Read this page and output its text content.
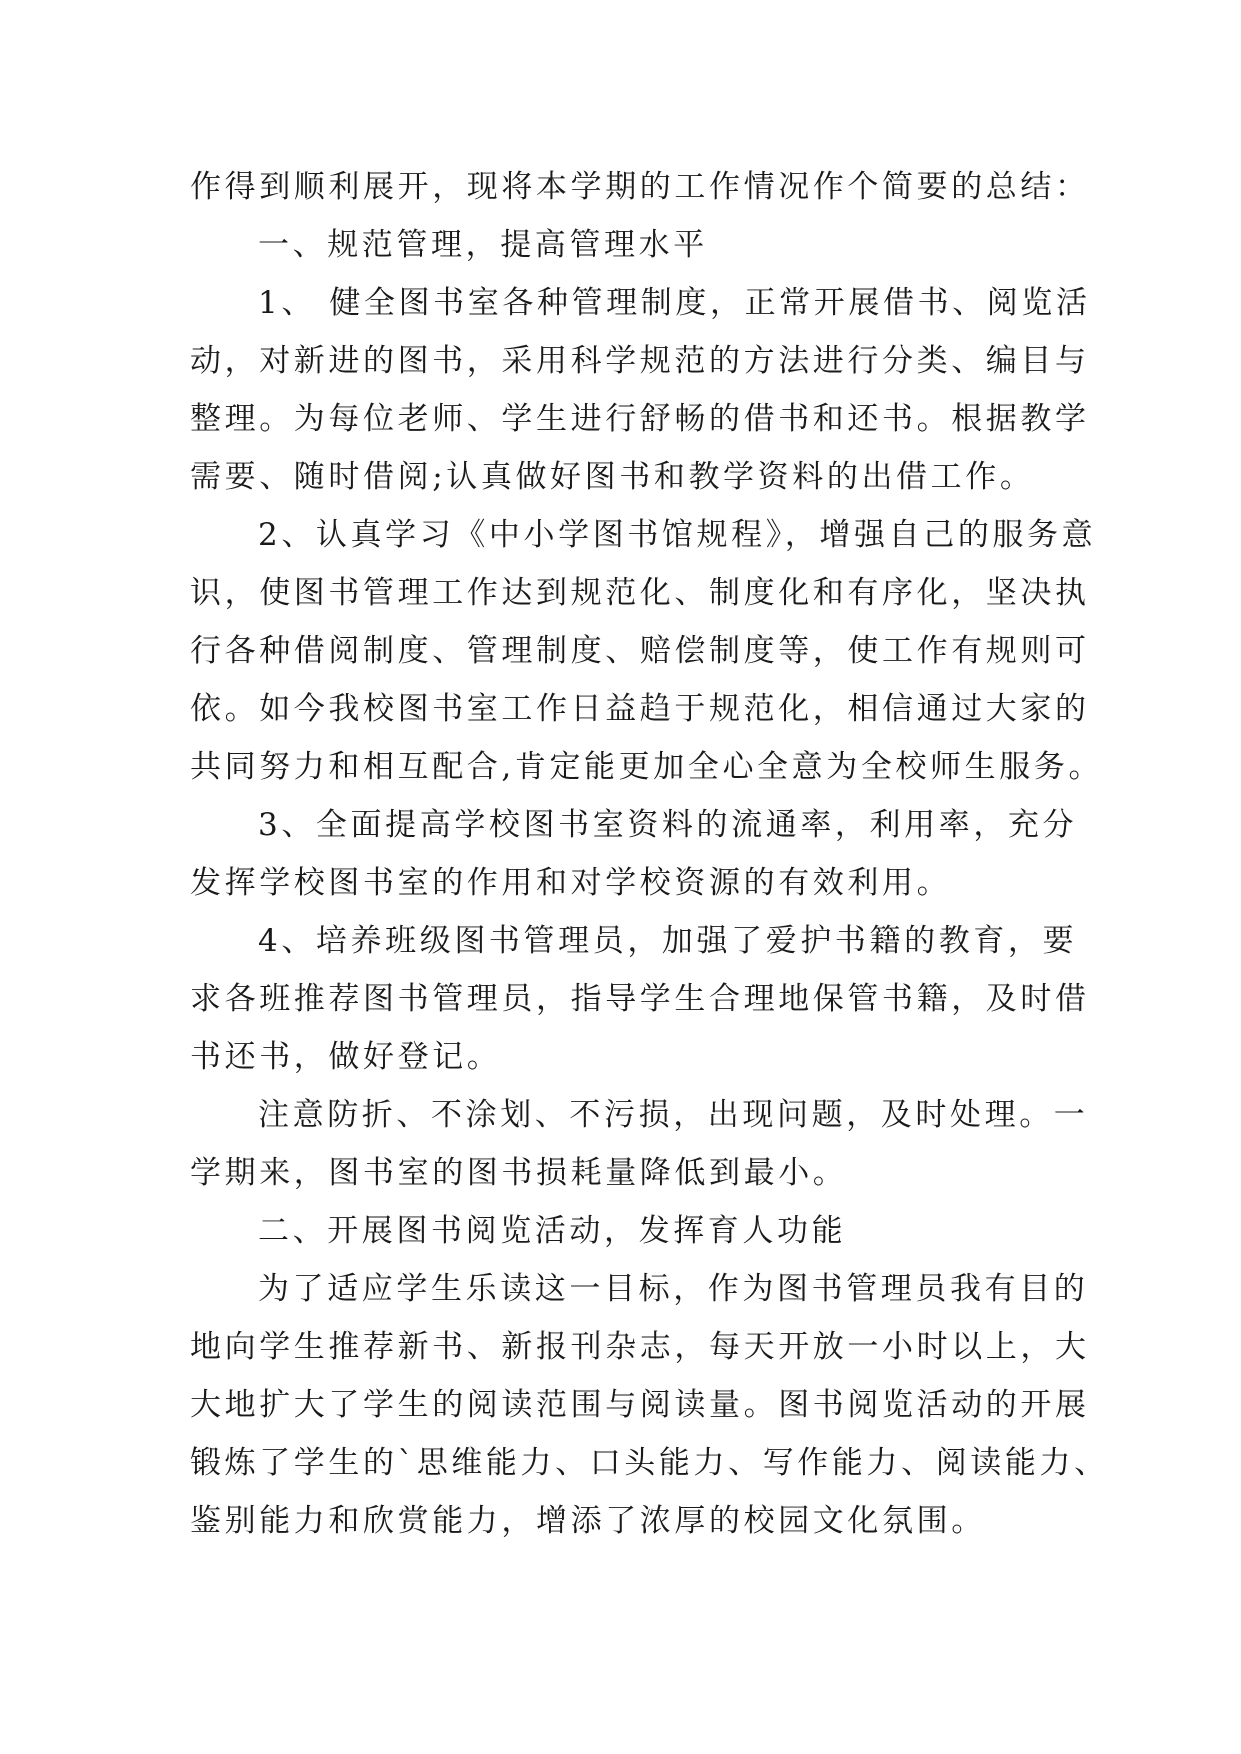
作得到顺利展开，现将本学期的工作情况作个简要的总结：
一、规范管理，提高管理水平
1、 健全图书室各种管理制度，正常开展借书、阅览活
动，对新进的图书，采用科学规范的方法进行分类、编目与
整理。为每位老师、学生进行舒畅的借书和还书。根据教学
需要、随时借阅;认真做好图书和教学资料的出借工作。
2、认真学习《中小学图书馆规程》，增强自己的服务意
识，使图书管理工作达到规范化、制度化和有序化，坚决执
行各种借阅制度、管理制度、赔偿制度等，使工作有规则可
依。如今我校图书室工作日益趋于规范化，相信通过大家的
共同努力和相互配合,肯定能更加全心全意为全校师生服务。
3、全面提高学校图书室资料的流通率，利用率，充分
发挥学校图书室的作用和对学校资源的有效利用。
4、培养班级图书管理员，加强了爱护书籍的教育，要
求各班推荐图书管理员，指导学生合理地保管书籍，及时借
书还书，做好登记。
注意防折、不涂划、不污损，出现问题，及时处理。一
学期来，图书室的图书损耗量降低到最小。
二、开展图书阅览活动，发挥育人功能
为了适应学生乐读这一目标，作为图书管理员我有目的
地向学生推荐新书、新报刊杂志，每天开放一小时以上，大
大地扩大了学生的阅读范围与阅读量。图书阅览活动的开展
锻炼了学生的`思维能力、口头能力、写作能力、阅读能力、
鉴别能力和欣赏能力，增添了浓厚的校园文化氛围。
